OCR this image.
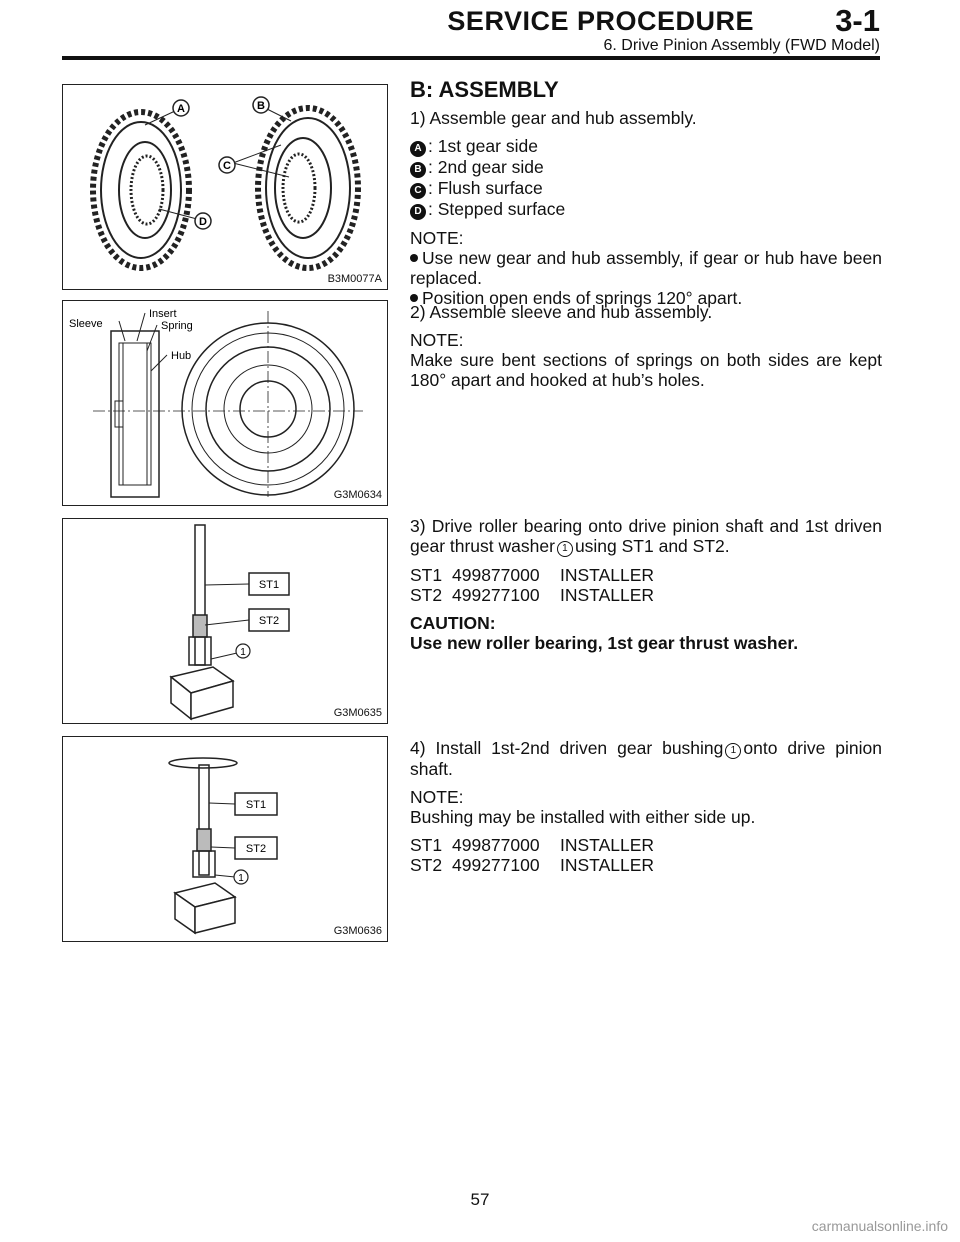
SERVICE PROCEDURE	3-1
6. Drive Pinion Assembly (FWD Model)
A	B
C
D
B3M0077A
Sleeve
Insert
Spring
Hub
G3M0634
ST1
ST2
1
G3M0635
ST1
ST2
1
G3M0636

B: ASSEMBLY

1) Assemble gear and hub assembly.

A : 1st gear side

B : 2nd gear side

C : Flush surface

D : Stepped surface

NOTE:

Use new gear and hub assembly, if gear or hub have been replaced.

Position open ends of springs 120° apart.

2) Assemble sleeve and hub assembly.

NOTE:

Make sure bent sections of springs on both sides are kept 180° apart and hooked at hub’s holes.

3) Drive roller bearing onto drive pinion shaft and 1st driven gear thrust washer 1 using ST1 and ST2.

ST1 499877000 INSTALLER

ST2 499277100 INSTALLER

CAUTION:

Use new roller bearing, 1st gear thrust washer.

4) Install 1st-2nd driven gear bushing 1 onto drive pinion shaft.

NOTE:

Bushing may be installed with either side up.

ST1 499877000 INSTALLER

ST2 499277100 INSTALLER

57
carmanualsonline.info
